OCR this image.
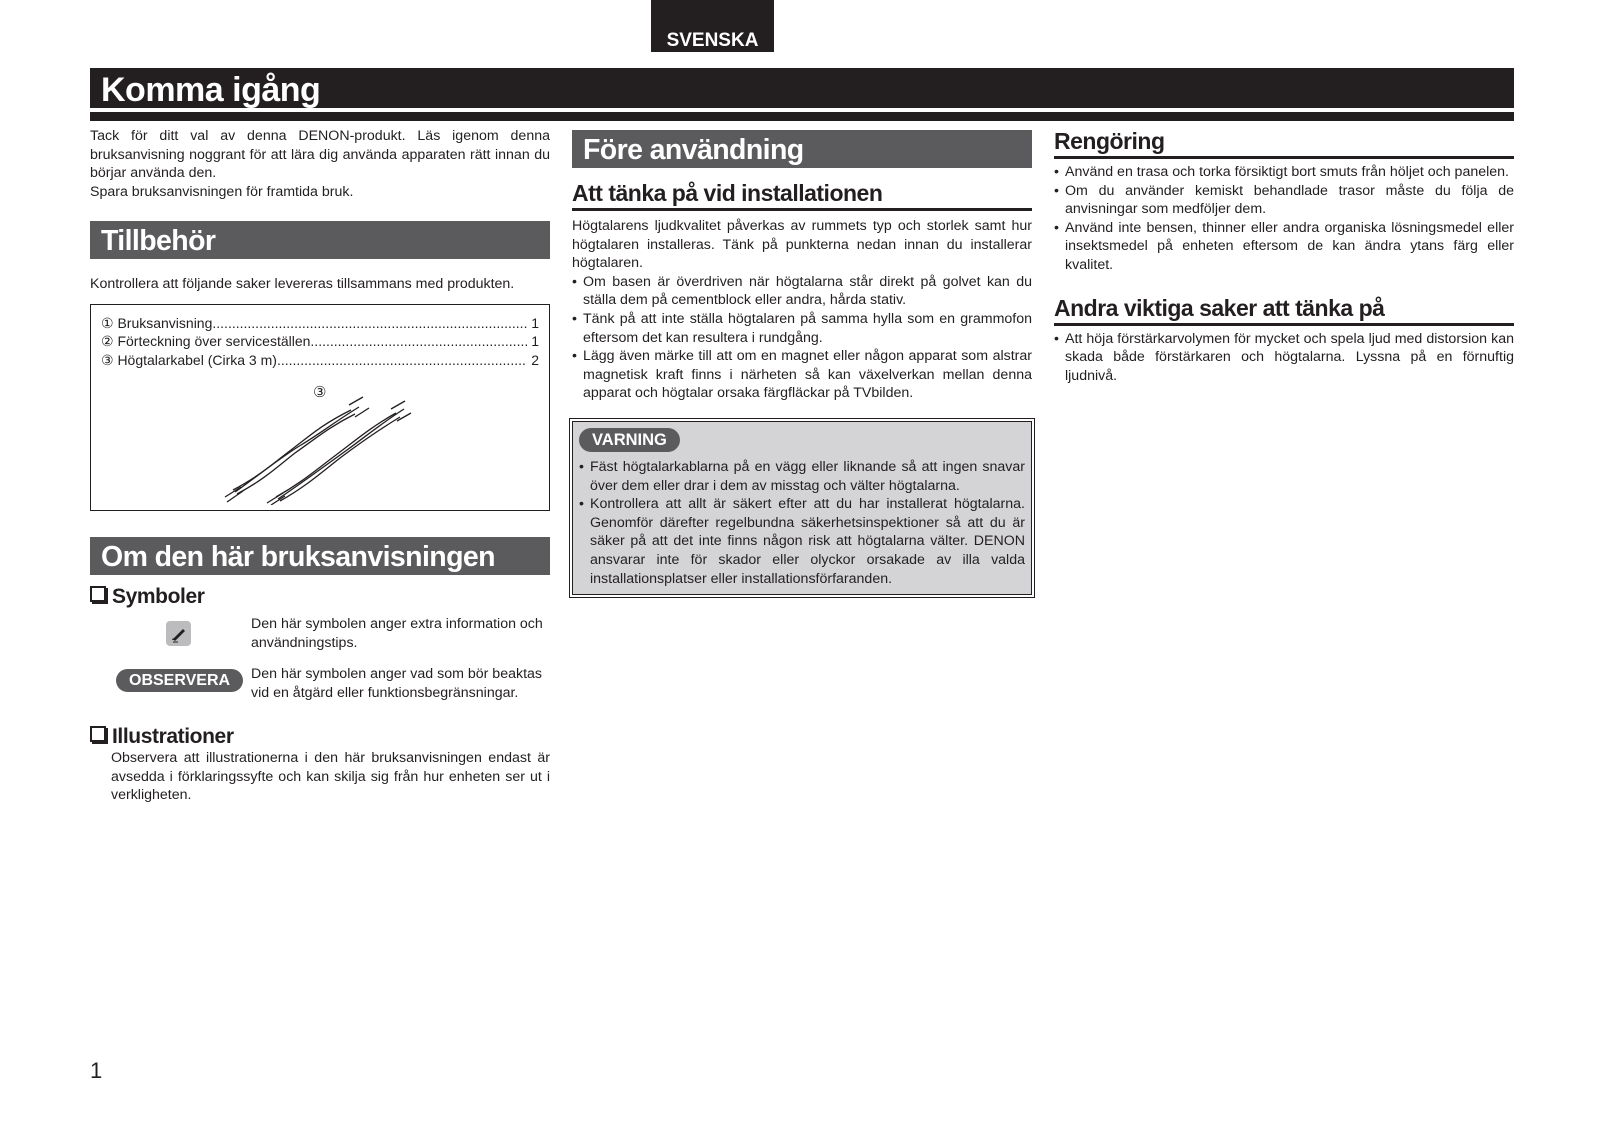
SVENSKA
Komma igång

Tack för ditt val av denna DENON-produkt. Läs igenom denna bruksanvisning noggrant för att lära dig använda apparaten rätt innan du börjar använda den.

Spara bruksanvisningen för framtida bruk.

Tillbehör

Kontrollera att följande saker levereras tillsammans med produkten.

① Bruksanvisning .....	1
② Förteckning över serviceställen .....	1
③ Högtalarkabel (Cirka 3 m) .....	2
③
Om den här bruksanvisningen
Symboler

Den här symbolen anger extra information och användningstips.

OBSERVERA	Den här symbolen anger vad som bör beaktas vid en åtgärd eller funktionsbegränsningar.

Illustrationer

Observera att illustrationerna i den här bruksanvisningen endast är avsedda i förklaringssyfte och kan skilja sig från hur enheten ser ut i verkligheten.

Före användning
Att tänka på vid installationen

Högtalarens ljudkvalitet påverkas av rummets typ och storlek samt hur högtalaren installeras. Tänk på punkterna nedan innan du installerar högtalaren.

• Om basen är överdriven när högtalarna står direkt på golvet kan du ställa dem på cementblock eller andra, hårda stativ.
• Tänk på att inte ställa högtalaren på samma hylla som en grammofon eftersom det kan resultera i rundgång.
• Lägg även märke till att om en magnet eller någon apparat som alstrar magnetisk kraft finns i närheten så kan växelverkan mellan denna apparat och högtalar orsaka färgfläckar på TVbilden.
VARNING
• Fäst högtalarkablarna på en vägg eller liknande så att ingen snavar över dem eller drar i dem av misstag och välter högtalarna.
• Kontrollera att allt är säkert efter att du har installerat högtalarna. Genomför därefter regelbundna säkerhetsinspektioner så att du är säker på att det inte finns någon risk att högtalarna välter. DENON ansvarar inte för skador eller olyckor orsakade av illa valda installationsplatser eller installationsförfaranden.
Rengöring
• Använd en trasa och torka försiktigt bort smuts från höljet och panelen.
• Om du använder kemiskt behandlade trasor måste du följa de anvisningar som medföljer dem.
• Använd inte bensen, thinner eller andra organiska lösningsmedel eller insektsmedel på enheten eftersom de kan ändra ytans färg eller kvalitet.
Andra viktiga saker att tänka på
• Att höja förstärkarvolymen för mycket och spela ljud med distorsion kan skada både förstärkaren och högtalarna. Lyssna på en förnuftig ljudnivå.
1
